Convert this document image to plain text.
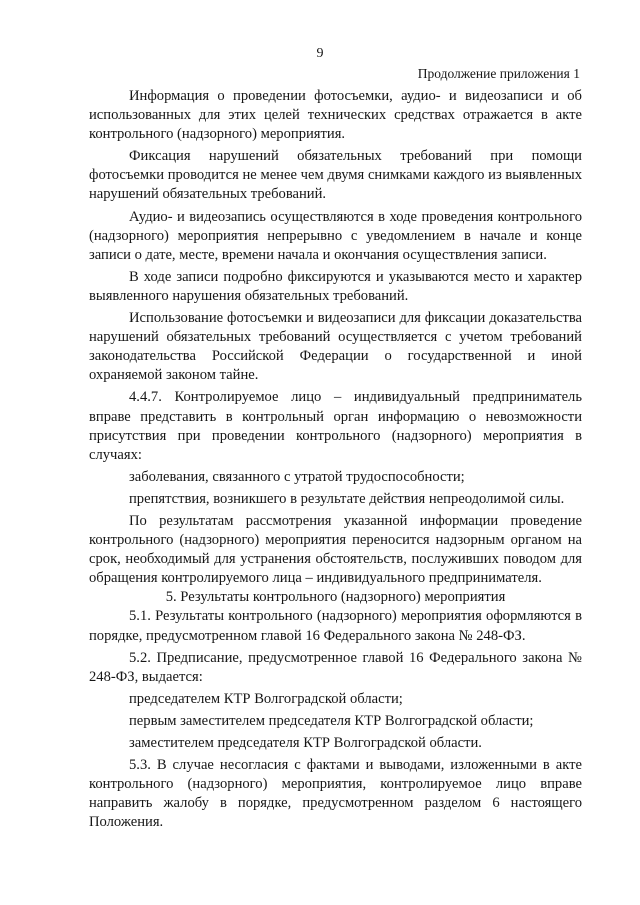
9
Продолжение приложения 1

Информация о проведении фотосъемки, аудио- и видеозаписи и об использованных для этих целей технических средствах отражается в акте контрольного (надзорного) мероприятия.

Фиксация нарушений обязательных требований при помощи фотосъемки проводится не менее чем двумя снимками каждого из выявленных нарушений обязательных требований.

Аудио- и видеозапись осуществляются в ходе проведения контрольного (надзорного) мероприятия непрерывно с уведомлением в начале и конце записи о дате, месте, времени начала и окончания осуществления записи.

В ходе записи подробно фиксируются и указываются место и характер выявленного нарушения обязательных требований.

Использование фотосъемки и видеозаписи для фиксации доказательства нарушений обязательных требований осуществляется с учетом требований законодательства Российской Федерации о государственной и иной охраняемой законом тайне.

4.4.7. Контролируемое лицо – индивидуальный предприниматель вправе представить в контрольный орган информацию о невозможности присутствия при проведении контрольного (надзорного) мероприятия в случаях:

заболевания, связанного с утратой трудоспособности;

препятствия, возникшего в результате действия непреодолимой силы.

По результатам рассмотрения указанной информации проведение контрольного (надзорного) мероприятия переносится надзорным органом на срок, необходимый для устранения обстоятельств, послуживших поводом для обращения контролируемого лица – индивидуального предпринимателя.

5. Результаты контрольного (надзорного) мероприятия

5.1. Результаты контрольного (надзорного) мероприятия оформляются в порядке, предусмотренном главой 16 Федерального закона № 248-ФЗ.

5.2. Предписание, предусмотренное главой 16 Федерального закона № 248-ФЗ, выдается:

председателем КТР Волгоградской области;

первым заместителем председателя КТР Волгоградской области;

заместителем председателя КТР Волгоградской области.

5.3. В случае несогласия с фактами и выводами, изложенными в акте контрольного (надзорного) мероприятия, контролируемое лицо вправе направить жалобу в порядке, предусмотренном разделом 6 настоящего Положения.
